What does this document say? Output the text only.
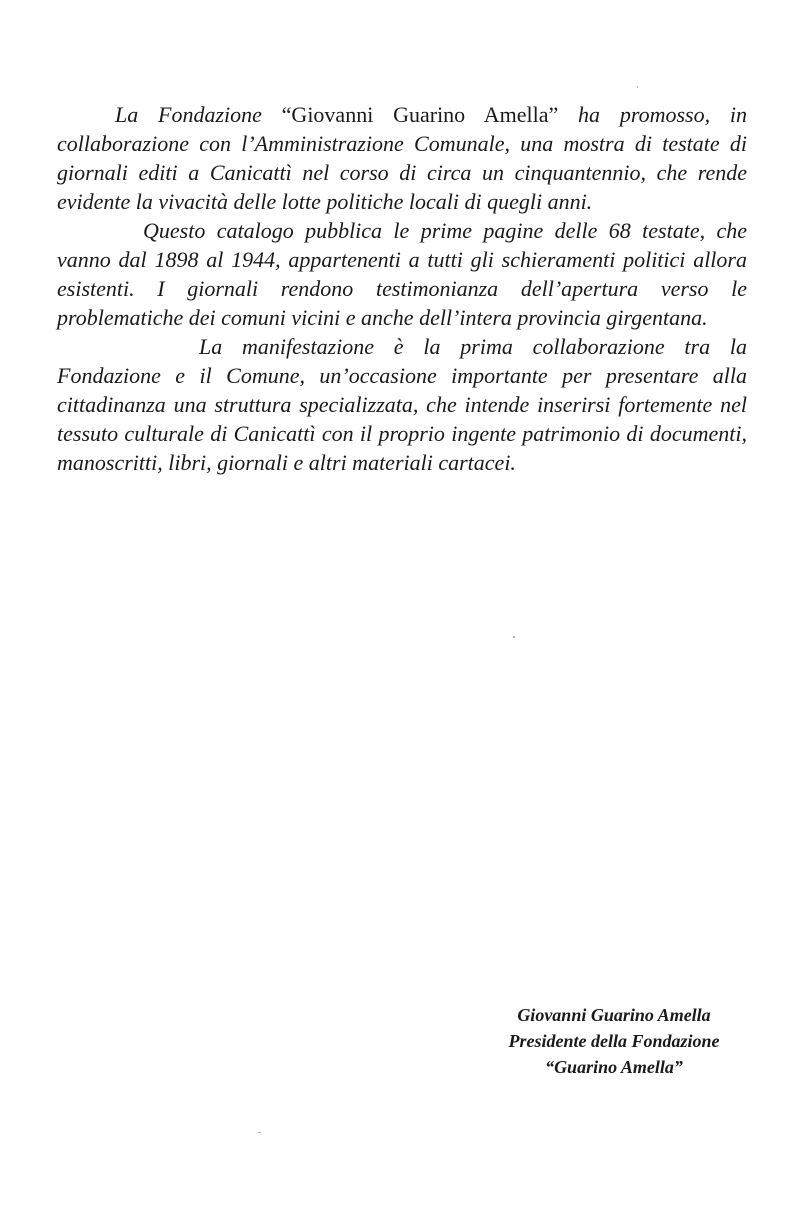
La Fondazione “Giovanni Guarino Amella” ha promosso, in collaborazione con l’Amministrazione Comunale, una mostra di testate di giornali editi a Canicattì nel corso di circa un cinquantennio, che rende evidente la vivacità delle lotte politiche locali di quegli anni.

Questo catalogo pubblica le prime pagine delle 68 testate, che vanno dal 1898 al 1944, appartenenti a tutti gli schieramenti politici allora esistenti. I giornali rendono testimonianza dell’apertura verso le problematiche dei comuni vicini e anche dell’intera provincia girgentana.

La manifestazione è la prima collaborazione tra la Fondazione e il Comune, un’occasione importante per presentare alla cittadinanza una struttura specializzata, che intende inserirsi fortemente nel tessuto culturale di Canicattì con il proprio ingente patrimonio di documenti, manoscritti, libri, giornali e altri materiali cartacei.

Giovanni Guarino Amella
Presidente della Fondazione
“Guarino Amella”
